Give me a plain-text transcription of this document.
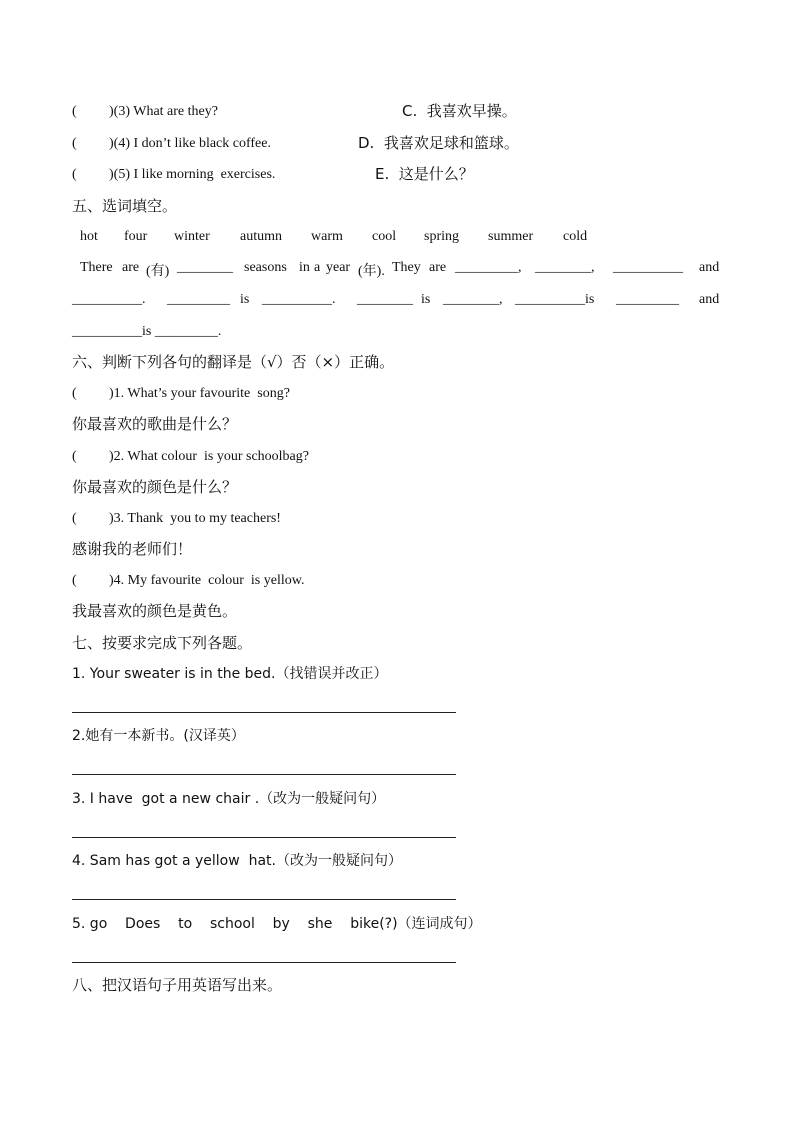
( )(3) What are they?	C.  我喜欢早操。
( )(4) I don’t like black coffee.	D.  我喜欢足球和篮球。
( )(5) I like morning  exercises.	E.  这是什么？
五、选词填空。
hot four winter autumn warm cool spring summer cold
There are (有) ________ seasons in a year (年). They are _________, ________, __________ and
__________. _________ is __________. ________ is ________, __________is _________ and
__________is _________.
六、判断下列各句的翻译是（√）否（×）正确。
( )1. What’s your favourite  song?
你最喜欢的歌曲是什么？
( )2. What colour  is your schoolbag?
你最喜欢的颜色是什么？
( )3. Thank  you to my teachers!
感谢我的老师们！
( )4. My favourite  colour  is yellow.
我最喜欢的颜色是黄色。
七、按要求完成下列各题。
1. Your sweater is in the bed.（找错误并改正）
2.她有一本新书。(汉译英）
3. I have  got a new chair .（改为一般疑问句）
4. Sam has got a yellow  hat.（改为一般疑问句）
5. go    Does    to    school    by    she    bike(?)（连词成句）
八、把汉语句子用英语写出来。
